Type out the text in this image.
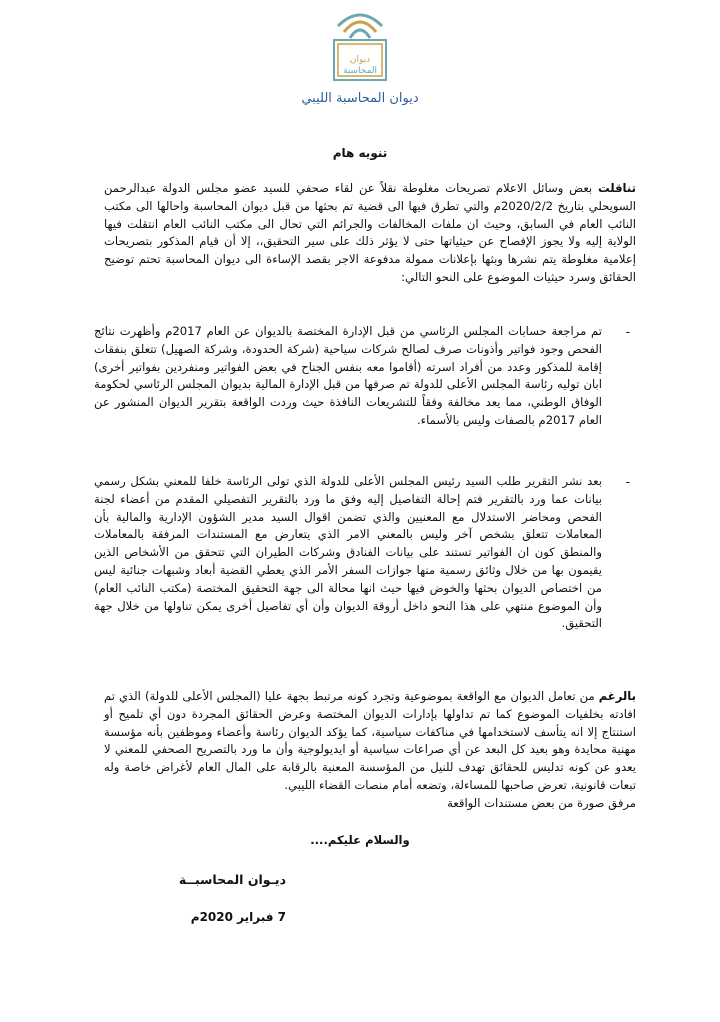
ديوان
المحاسبة
ديوان المحاسبة الليبي
تنويه هام
تناقلت بعض وسائل الاعلام تصريحات مغلوطة نقلاً عن لقاء صحفي للسيد عضو مجلس الدولة عبدالرحمن السويحلي بتاريخ 2020/2/2م والتي تطرق فيها الى قضية تم بحثها من قبل ديوان المحاسبة واحالها الى مكتب النائب العام في السابق، وحيث ان ملفات المخالفات والجرائم التي تحال الى مكتب النائب العام انتقلت فيها الولاية إليه ولا يجوز الإفصاح عن حيثياتها حتى لا يؤثر ذلك على سير التحقيق،، إلا أن قيام المذكور بتصريحات إعلامية مغلوطة يتم نشرها وبثها بإعلانات ممولة مدفوعة الاجر بقصد الإساءة الى ديوان المحاسبة تحتم توضيح الحقائق وسرد حيثيات الموضوع على النحو التالي:
-
تم مراجعة حسابات المجلس الرئاسي من قبل الإدارة المختصة بالديوان عن العام 2017م وأظهرت نتائج الفحص وجود فواتير وأذونات صرف لصالح شركات سياحية (شركة الحدودة، وشركة الصهيل) تتعلق بنفقات إقامة للمذكور وعدد من أفراد اسرته (أقاموا معه بنفس الجناح في بعض الفواتير ومنفردين بفواتير أخرى) ابان توليه رئاسة المجلس الأعلى للدولة تم صرفها من قبل الإدارة المالية بديوان المجلس الرئاسي لحكومة الوفاق الوطني، مما يعد مخالفة وفقاً للتشريعات النافذة حيث وردت الواقعة بتقرير الديوان المنشور عن العام 2017م بالصفات وليس بالأسماء.
-
بعد نشر التقرير طلب السيد رئيس المجلس الأعلى للدولة الذي تولى الرئاسة خلفا للمعني بشكل رسمي بيانات عما ورد بالتقرير فتم إحالة التفاصيل إليه وفق ما ورد بالتقرير التفصيلي المقدم من أعضاء لجنة الفحص ومحاضر الاستدلال مع المعنيين والذي تضمن اقوال السيد مدير الشؤون الإدارية والمالية بأن المعاملات تتعلق بشخص آخر وليس بالمعني الامر الذي يتعارض مع المستندات المرفقة بالمعاملات والمنطق كون ان الفواتير تستند على بيانات الفنادق وشركات الطيران التي تتحقق من الأشخاص الذين يقيمون بها من خلال وثائق رسمية منها جوازات السفر الأمر الذي يعطي القضية أبعاد وشبهات جنائية ليس من اختصاص الديوان بحثها والخوض فيها حيث انها محالة الى جهة التحقيق المختصة (مكتب النائب العام) وأن الموضوع منتهي على هذا النحو داخل أروقة الديوان وأن أي تفاصيل أخرى يمكن تناولها من خلال جهة التحقيق.
بالرغم من تعامل الديوان مع الواقعة بموضوعية وتجرد كونه مرتبط بجهة عليا (المجلس الأعلى للدولة) الذي تم افادته بخلفيات الموضوع كما تم تداولها بإدارات الديوان المختصة وعرض الحقائق المجردة دون أي تلميح أو استنتاج إلا انه يتأسف لاستخدامها في مناكفات سياسية، كما يؤكد الديوان رئاسة وأعضاء وموظفين بأنه مؤسسة مهنية محايدة وهو بعيد كل البعد عن أي صراعات سياسية أو ايديولوجية وأن ما ورد بالتصريح الصحفي للمعني لا يعدو عن كونه تدليس للحقائق تهدف للنيل من المؤسسة المعنية بالرقابة على المال العام لأغراض خاصة وله تبعات قانونية، تعرض صاحبها للمساءلة، وتضعه أمام منصات القضاء الليبي.
مرفق صورة من بعض مستندات الواقعة
والسلام عليكم....
ديـوان المحاسبــة
7 فبراير 2020م
